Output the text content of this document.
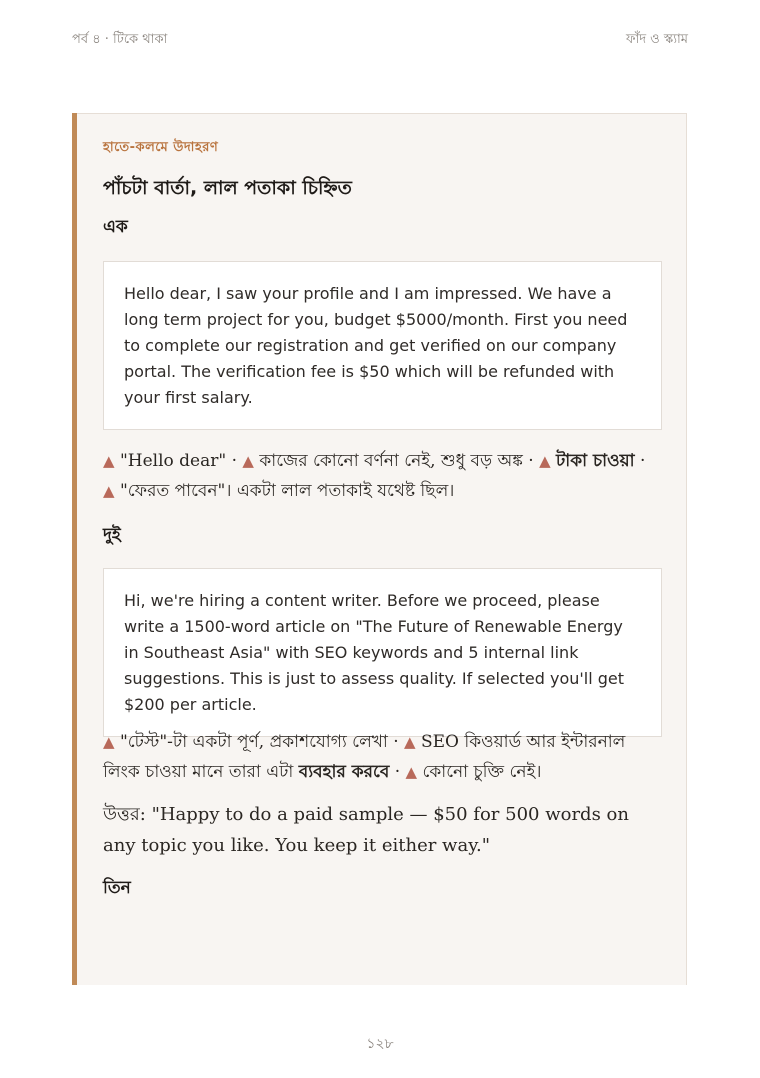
পর্ব ৪ · টিকে থাকা	ফাঁদ ও স্ক্যাম
হাতে-কলমে উদাহরণ
পাঁচটা বার্তা, লাল পতাকা চিহ্নিত
এক
Hello dear, I saw your profile and I am impressed. We have a long term project for you, budget $5000/month. First you need to complete our registration and get verified on our company portal. The verification fee is $50 which will be refunded with your first salary.
▲ "Hello dear" · ▲ কাজের কোনো বর্ণনা নেই, শুধু বড় অঙ্ক · ▲ টাকা চাওয়া · ▲ "ফেরত পাবেন"। একটা লাল পতাকাই যথেষ্ট ছিল।
দুই
Hi, we're hiring a content writer. Before we proceed, please write a 1500-word article on "The Future of Renewable Energy in Southeast Asia" with SEO keywords and 5 internal link suggestions. This is just to assess quality. If selected you'll get $200 per article.
▲ "টেস্ট"-টা একটা পূর্ণ, প্রকাশযোগ্য লেখা · ▲ SEO কিওয়ার্ড আর ইন্টারনাল লিংক চাওয়া মানে তারা এটা ব্যবহার করবে · ▲ কোনো চুক্তি নেই।
উত্তর: "Happy to do a paid sample — $50 for 500 words on any topic you like. You keep it either way."
তিন
১২৮
